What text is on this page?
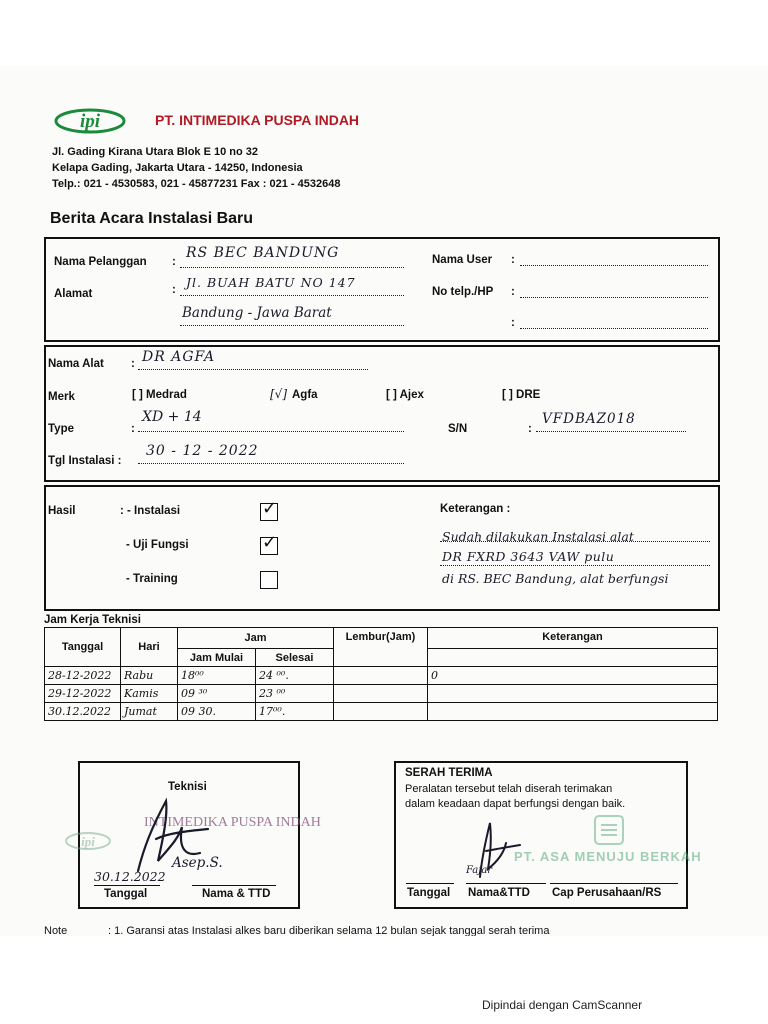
ipi	PT. INTIMEDIKA PUSPA INDAH
Jl. Gading Kirana Utara Blok E 10 no 32
Kelapa Gading, Jakarta Utara - 14250, Indonesia
Telp.: 021 - 4530583, 021 - 45877231 Fax : 021 - 4532648
Berita Acara Instalasi Baru
Nama Pelanggan :
RS BEC BANDUNG
Alamat	: Jl. BUAH BATU NO 147
Bandung - Jawa Barat
Nama User :
No telp./HP :
:
Nama Alat : DR AGFA
Merk	[ ] Medrad	[√] Agfa	[ ] Ajex	[ ] DRE
Type	:
XD + 14
S/N	:
VFDBAZ018
Tgl Instalasi :
30 - 12 - 2022
Hasil	: - Instalasi	✓
- Uji Fungsi	✓
- Training
Keterangan :
Sudah dilakukan Instalasi alat
DR FXRD 3643 VAW pulu
di RS. BEC Bandung, alat berfungsi
Jam Kerja Teknisi
Tanggal	Hari	Jam		Lembur(Jam)	Keterangan
		Jam Mulai	Selesai		
28-12-2022	Rabu	18⁰⁰	24 ⁰⁰.		0
29-12-2022	Kamis	09 ³⁰	23 ⁰⁰		
30.12.2022	Jumat	09 30.	17⁰⁰.		
Teknisi
ipi
INTIMEDIKA PUSPA INDAH
30.12.2022
Asep.S.
Tanggal	Nama & TTD
SERAH TERIMA
Peralatan tersebut telah diserah terimakan
dalam keadaan dapat berfungsi dengan baik.
PT. ASA MENUJU BERKAH
Fajar
Tanggal Nama&TTD Cap Perusahaan/RS
Note	: 1. Garansi atas Instalasi alkes baru diberikan selama 12 bulan sejak tanggal serah terima
Dipindai dengan CamScanner
